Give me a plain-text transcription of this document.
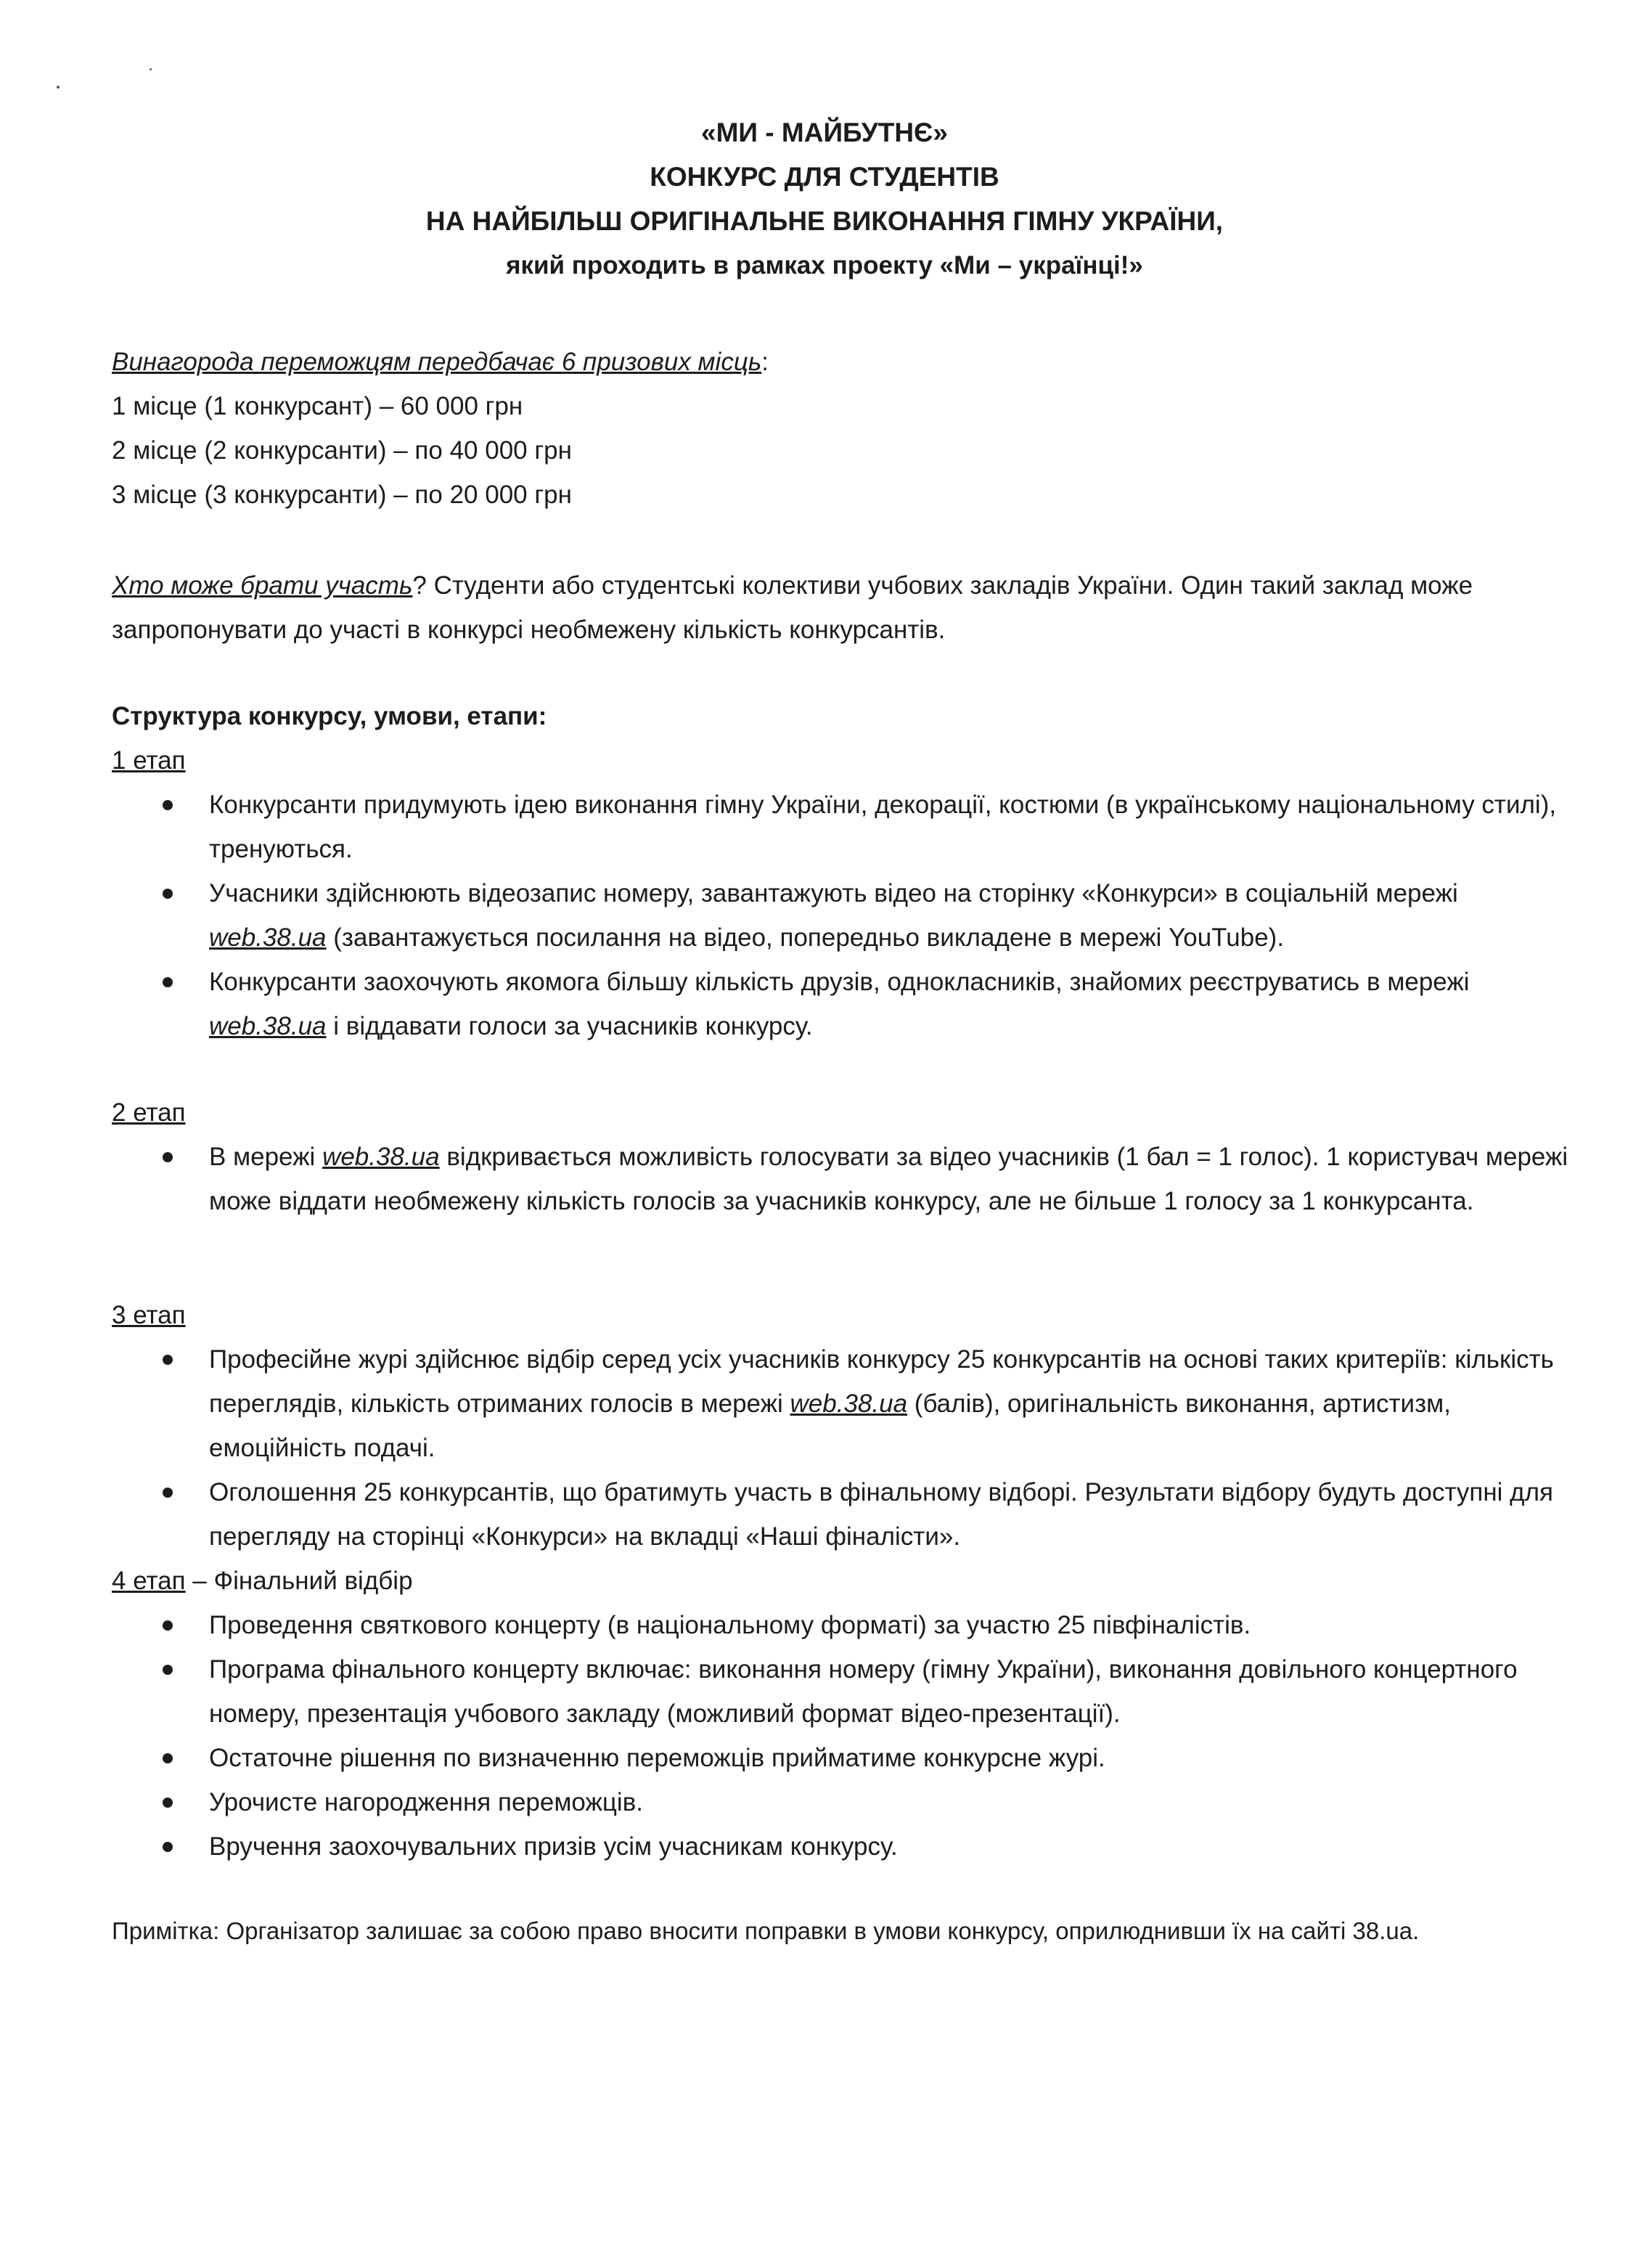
«МИ - МАЙБУТНЄ»
КОНКУРС ДЛЯ СТУДЕНТІВ
НА НАЙБІЛЬШ ОРИГІНАЛЬНЕ ВИКОНАННЯ ГІМНУ УКРАЇНИ,
який проходить в рамках проекту «Ми – українці!»

Винагорода переможцям передбачає 6 призових місць:

1 місце (1 конкурсант) – 60 000 грн

2 місце (2 конкурсанти) – по 40 000 грн

3 місце (3 конкурсанти) – по 20 000 грн

Хто може брати участь? Студенти або студентські колективи учбових закладів України. Один такий заклад може запропонувати до участі в конкурсі необмежену кількість конкурсантів.

Структура конкурсу, умови, етапи:

1 етап

Конкурсанти придумують ідею виконання гімну України, декорації, костюми (в українському національному стилі), тренуються.
Учасники здійснюють відеозапис номеру, завантажують відео на сторінку «Конкурси» в соціальній мережі web.38.ua (завантажується посилання на відео, попередньо викладене в мережі YouTube).
Конкурсанти заохочують якомога більшу кількість друзів, однокласників, знайомих реєструватись в мережі web.38.ua і віддавати голоси за учасників конкурсу.

2 етап

В мережі web.38.ua відкривається можливість голосувати за відео учасників (1 бал = 1 голос). 1 користувач мережі може віддати необмежену кількість голосів за учасників конкурсу, але не більше 1 голосу за 1 конкурсанта.

3 етап

Професійне журі здійснює відбір серед усіх учасників конкурсу 25 конкурсантів на основі таких критеріїв: кількість переглядів, кількість отриманих голосів в мережі web.38.ua (балів), оригінальність виконання, артистизм, емоційність подачі.
Оголошення 25 конкурсантів, що братимуть участь в фінальному відборі. Результати відбору будуть доступні для перегляду на сторінці «Конкурси» на вкладці «Наші фіналісти».

4 етап – Фінальний відбір

Проведення святкового концерту (в національному форматі) за участю 25 півфіналістів.
Програма фінального концерту включає: виконання номеру (гімну України), виконання довільного концертного номеру, презентація учбового закладу (можливий формат відео-презентації).
Остаточне рішення по визначенню переможців прийматиме конкурсне журі.
Урочисте нагородження переможців.
Вручення заохочувальних призів усім учасникам конкурсу.

Примітка: Організатор залишає за собою право вносити поправки в умови конкурсу, оприлюднивши їх на сайті 38.ua.
